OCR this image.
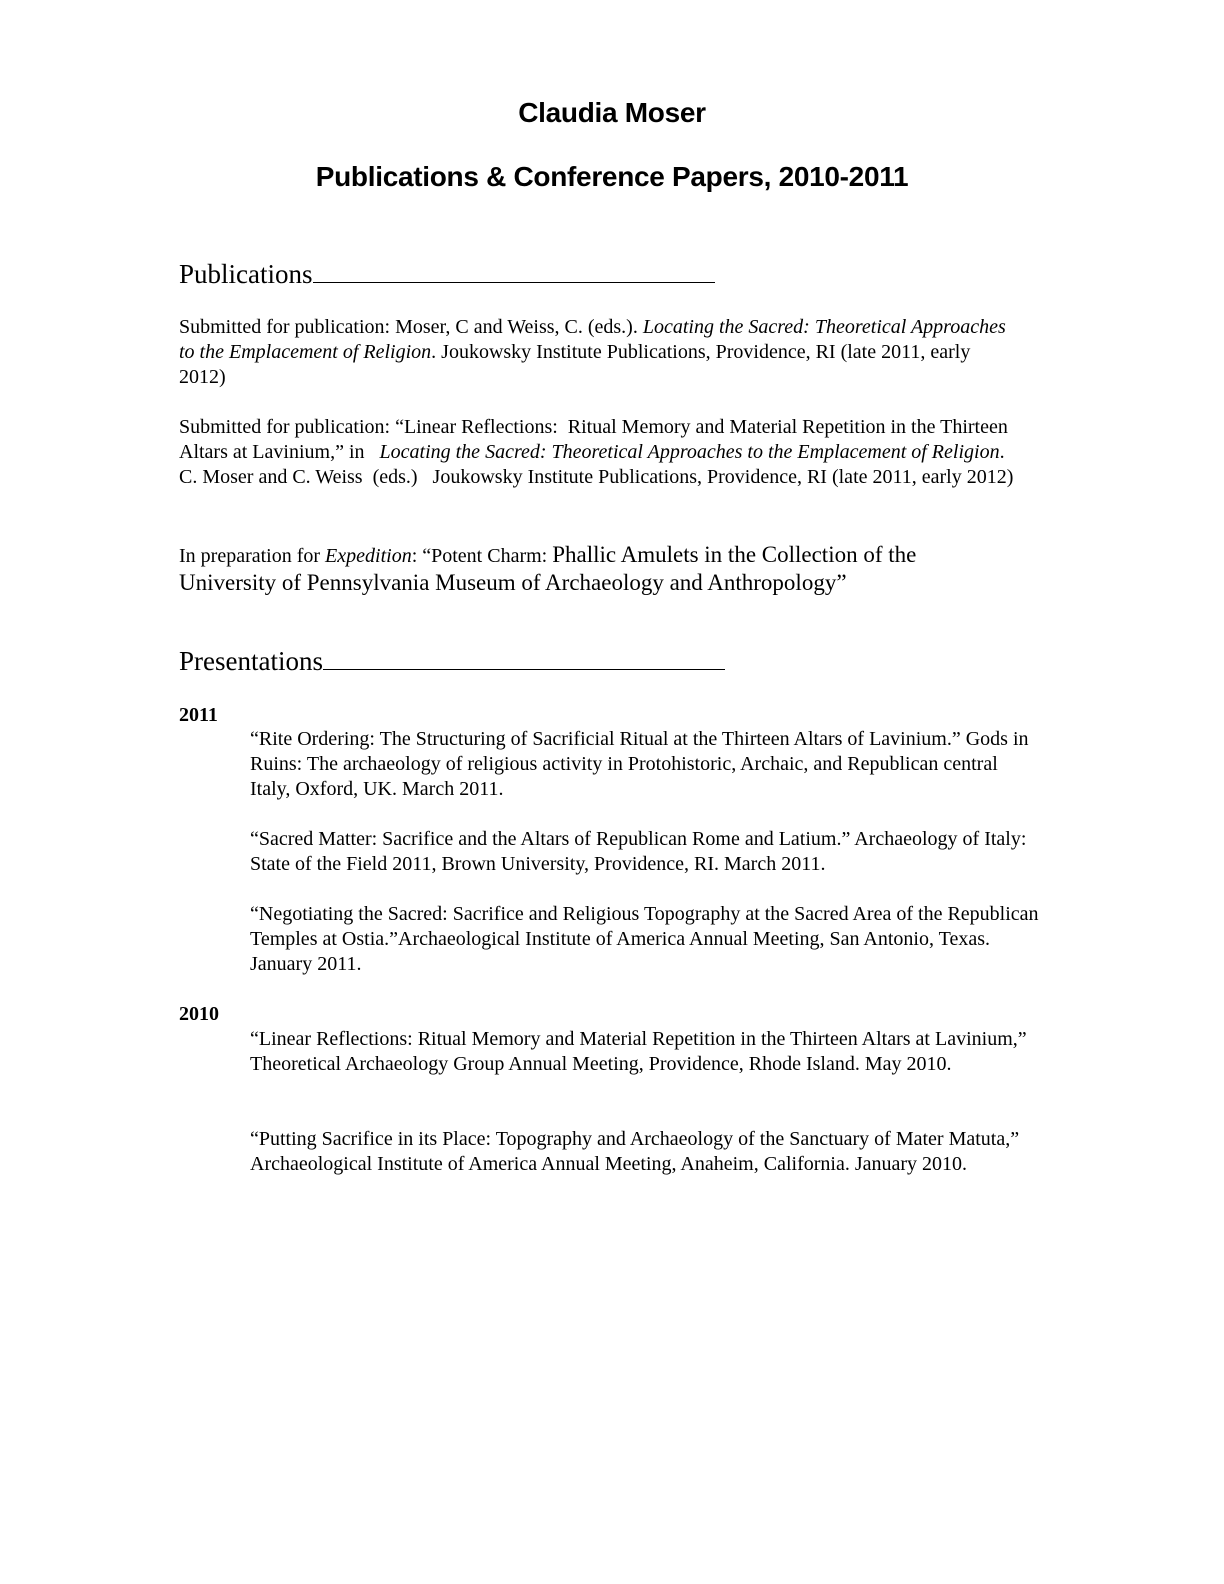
Claudia Moser
Publications & Conference Papers, 2010-2011
Publications
Submitted for publication: Moser, C and Weiss, C. (eds.). Locating the Sacred: Theoretical Approaches to the Emplacement of Religion. Joukowsky Institute Publications, Providence, RI (late 2011, early 2012)
Submitted for publication: “Linear Reflections:  Ritual Memory and Material Repetition in the Thirteen Altars at Lavinium,” in   Locating the Sacred: Theoretical Approaches to the Emplacement of Religion. C. Moser and C. Weiss  (eds.)   Joukowsky Institute Publications, Providence, RI (late 2011, early 2012)
In preparation for Expedition: “Potent Charm: Phallic Amulets in the Collection of the University of Pennsylvania Museum of Archaeology and Anthropology”
Presentations
2011
“Rite Ordering: The Structuring of Sacrificial Ritual at the Thirteen Altars of Lavinium.” Gods in Ruins: The archaeology of religious activity in Protohistoric, Archaic, and Republican central Italy, Oxford, UK. March 2011.
“Sacred Matter: Sacrifice and the Altars of Republican Rome and Latium.” Archaeology of Italy: State of the Field 2011, Brown University, Providence, RI. March 2011.
“Negotiating the Sacred: Sacrifice and Religious Topography at the Sacred Area of the Republican Temples at Ostia.”Archaeological Institute of America Annual Meeting, San Antonio, Texas. January 2011.
2010
“Linear Reflections: Ritual Memory and Material Repetition in the Thirteen Altars at Lavinium,” Theoretical Archaeology Group Annual Meeting, Providence, Rhode Island. May 2010.
“Putting Sacrifice in its Place: Topography and Archaeology of the Sanctuary of Mater Matuta,” Archaeological Institute of America Annual Meeting, Anaheim, California. January 2010.
